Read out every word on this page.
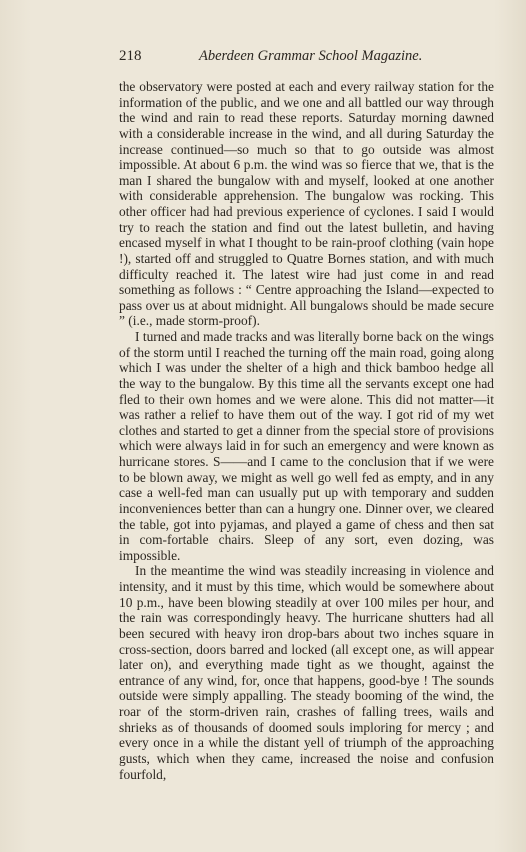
218	Aberdeen Grammar School Magazine.

the observatory were posted at each and every railway station for the information of the public, and we one and all battled our way through the wind and rain to read these reports. Saturday morning dawned with a considerable increase in the wind, and all during Saturday the increase continued—so much so that to go outside was almost impossible. At about 6 p.m. the wind was so fierce that we, that is the man I shared the bungalow with and myself, looked at one another with considerable apprehension. The bungalow was rocking. This other officer had had previous experience of cyclones. I said I would try to reach the station and find out the latest bulletin, and having encased myself in what I thought to be rain-proof clothing (vain hope !), started off and struggled to Quatre Bornes station, and with much difficulty reached it. The latest wire had just come in and read something as follows : “ Centre approaching the Island—expected to pass over us at about midnight. All bungalows should be made secure ” (i.e., made storm-proof).

I turned and made tracks and was literally borne back on the wings of the storm until I reached the turning off the main road, going along which I was under the shelter of a high and thick bamboo hedge all the way to the bungalow. By this time all the servants except one had fled to their own homes and we were alone. This did not matter—it was rather a relief to have them out of the way. I got rid of my wet clothes and started to get a dinner from the special store of provisions which were always laid in for such an emergency and were known as hurricane stores. S——and I came to the conclusion that if we were to be blown away, we might as well go well fed as empty, and in any case a well-fed man can usually put up with temporary and sudden inconveniences better than can a hungry one. Dinner over, we cleared the table, got into pyjamas, and played a game of chess and then sat in com-fortable chairs. Sleep of any sort, even dozing, was impossible.

In the meantime the wind was steadily increasing in violence and intensity, and it must by this time, which would be somewhere about 10 p.m., have been blowing steadily at over 100 miles per hour, and the rain was correspondingly heavy. The hurricane shutters had all been secured with heavy iron drop-bars about two inches square in cross-section, doors barred and locked (all except one, as will appear later on), and everything made tight as we thought, against the entrance of any wind, for, once that happens, good-bye ! The sounds outside were simply appalling. The steady booming of the wind, the roar of the storm-driven rain, crashes of falling trees, wails and shrieks as of thousands of doomed souls imploring for mercy ; and every once in a while the distant yell of triumph of the approaching gusts, which when they came, increased the noise and confusion fourfold,
